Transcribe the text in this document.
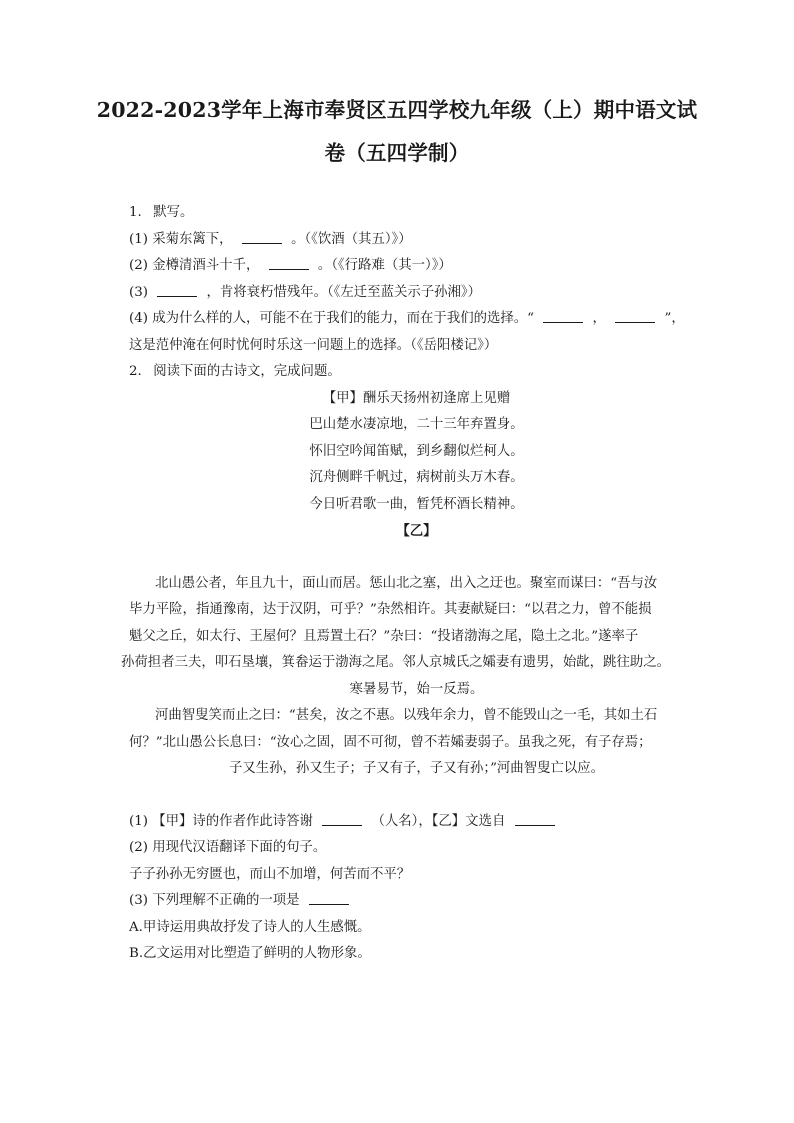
2022-2023学年上海市奉贤区五四学校九年级（上）期中语文试
卷（五四学制）
1. 默写。
(1) 采菊东篱下，	。（《饮酒（其五）》）
(2) 金樽清酒斗十千，	。（《行路难（其一）》）
(3)	，肯将衰朽惜残年。（《左迁至蓝关示子孙湘》）
(4) 成为什么样的人，可能不在于我们的能力，而在于我们的选择。“	，	”，
这是范仲淹在何时忧何时乐这一问题上的选择。（《岳阳楼记》）
2. 阅读下面的古诗文，完成问题。
【甲】酬乐天扬州初逢席上见赠
巴山楚水凄凉地，二十三年弃置身。
怀旧空吟闻笛赋，到乡翻似烂柯人。
沉舟侧畔千帆过，病树前头万木春。
今日听君歌一曲，暂凭杯酒长精神。
【乙】
北山愚公者，年且九十，面山而居。惩山北之塞，出入之迂也。聚室而谋曰：“吾与汝
毕力平险，指通豫南，达于汉阴，可乎？”杂然相许。其妻献疑曰：“以君之力，曾不能损
魁父之丘，如太行、王屋何？且焉置土石？”杂曰：“投诸渤海之尾，隐土之北。”遂率子
孙荷担者三夫，叩石垦壤，箕畚运于渤海之尾。邻人京城氏之孀妻有遗男，始龀，跳往助之。
寒暑易节，始一反焉。
河曲智叟笑而止之曰：“甚矣，汝之不惠。以残年余力，曾不能毁山之一毛，其如土石
何？”北山愚公长息曰：“汝心之固，固不可彻，曾不若孀妻弱子。虽我之死，有子存焉；
子又生孙，孙又生子；子又有子，子又有孙；”河曲智叟亡以应。
(1) 【甲】诗的作者作此诗答谢	（人名），【乙】文选自
(2) 用现代汉语翻译下面的句子。
子子孙孙无穷匮也，而山不加增，何苦而不平？
(3) 下列理解不正确的一项是
A.甲诗运用典故抒发了诗人的人生感慨。
B.乙文运用对比塑造了鲜明的人物形象。
